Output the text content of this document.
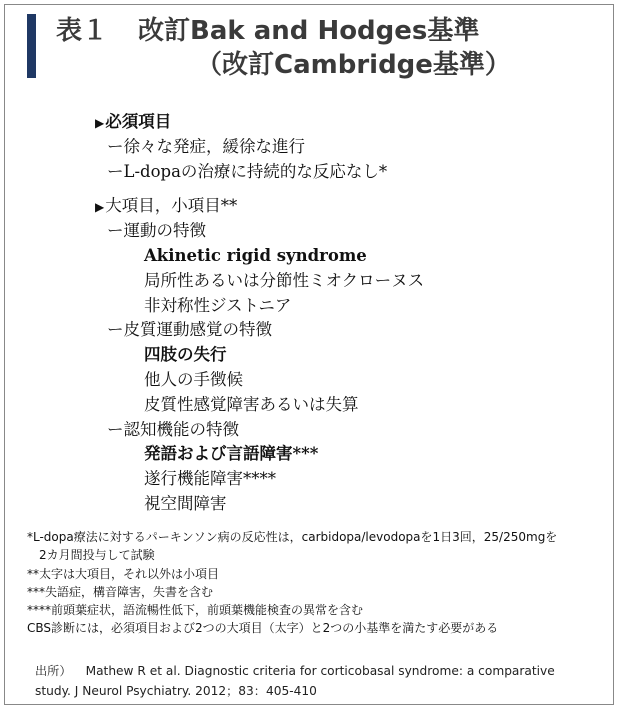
表１ 改訂Bak and Hodges基準
（改訂Cambridge基準）
▶必須項目
ー徐々な発症，緩徐な進行
ーL-dopaの治療に持続的な反応なし*
▶大項目，小項目**
ー運動の特徴
Akinetic rigid syndrome
局所性あるいは分節性ミオクローヌス
非対称性ジストニア
ー皮質運動感覚の特徴
四肢の失行
他人の手徴候
皮質性感覚障害あるいは失算
ー認知機能の特徴
発語および言語障害***
遂行機能障害****
視空間障害
*L-dopa療法に対するパーキンソン病の反応性は，carbidopa/levodopaを1日3回，25/250mgを
2カ月間投与して試験
**太字は大項目，それ以外は小項目
***失語症，構音障害，失書を含む
****前頭葉症状，語流暢性低下，前頭葉機能検査の異常を含む
CBS診断には，必須項目および2つの大項目（太字）と2つの小基準を満たす必要がある
出所） Mathew R et al. Diagnostic criteria for corticobasal syndrome: a comparative
study. J Neurol Psychiatry. 2012；83：405-410
